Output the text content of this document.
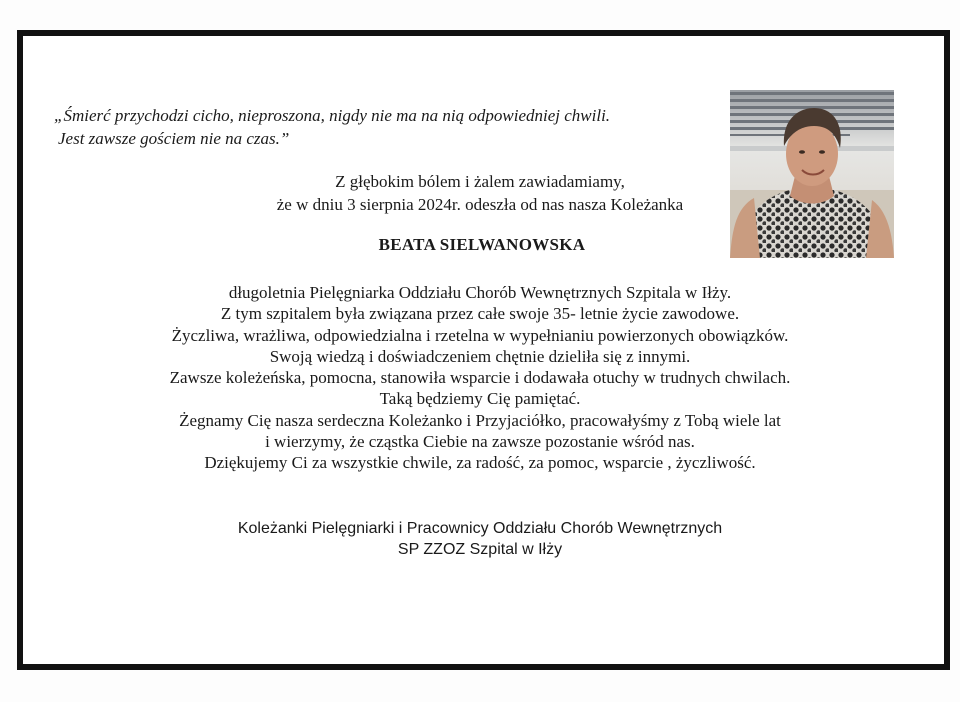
„Śmierć przychodzi cicho, nieproszona, nigdy nie ma na nią odpowiedniej chwili.
Jest zawsze gościem nie na czas.”
Z głębokim bólem i żalem zawiadamiamy,
że w dniu 3 sierpnia 2024r. odeszła od nas nasza Koleżanka
BEATA SIELWANOWSKA
długoletnia Pielęgniarka Oddziału Chorób Wewnętrznych Szpitala w Iłży.
Z tym szpitalem była związana przez całe swoje 35- letnie życie zawodowe.
Życzliwa, wrażliwa, odpowiedzialna i rzetelna w wypełnianiu powierzonych obowiązków.
Swoją wiedzą i doświadczeniem chętnie dzieliła się z innymi.
Zawsze koleżeńska, pomocna, stanowiła wsparcie i dodawała otuchy w trudnych chwilach.
Taką będziemy Cię pamiętać.
Żegnamy Cię nasza serdeczna Koleżanko i Przyjaciółko, pracowałyśmy z Tobą wiele lat
i wierzymy, że cząstka Ciebie na zawsze pozostanie wśród nas.
Dziękujemy Ci za wszystkie chwile, za radość, za pomoc, wsparcie , życzliwość.
Koleżanki Pielęgniarki i Pracownicy Oddziału Chorób Wewnętrznych
SP ZZOZ Szpital w Iłży
